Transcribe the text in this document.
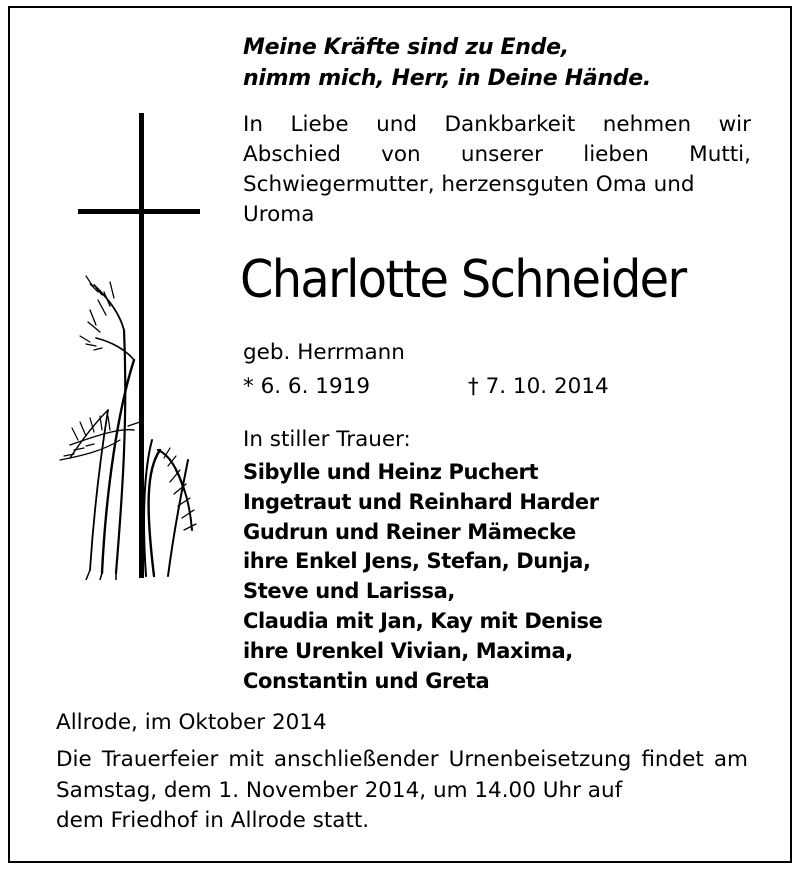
Meine Kräfte sind zu Ende,
nimm mich, Herr, in Deine Hände.
In Liebe und Dankbarkeit nehmen wir Abschied von unserer lieben Mutti, Schwiegermutter, herzensguten Oma und
Uroma
Charlotte Schneider
geb. Herrmann
* 6. 6. 1919	† 7. 10. 2014
In stiller Trauer:
Sibylle und Heinz Puchert
Ingetraut und Reinhard Harder
Gudrun und Reiner Mämecke
ihre Enkel Jens, Stefan, Dunja,
Steve und Larissa,
Claudia mit Jan, Kay mit Denise
ihre Urenkel Vivian, Maxima,
Constantin und Greta
Allrode, im Oktober 2014
Die Trauerfeier mit anschließender Urnenbeisetzung findet am Samstag, dem 1. November 2014, um 14.00 Uhr auf
dem Friedhof in Allrode statt.
